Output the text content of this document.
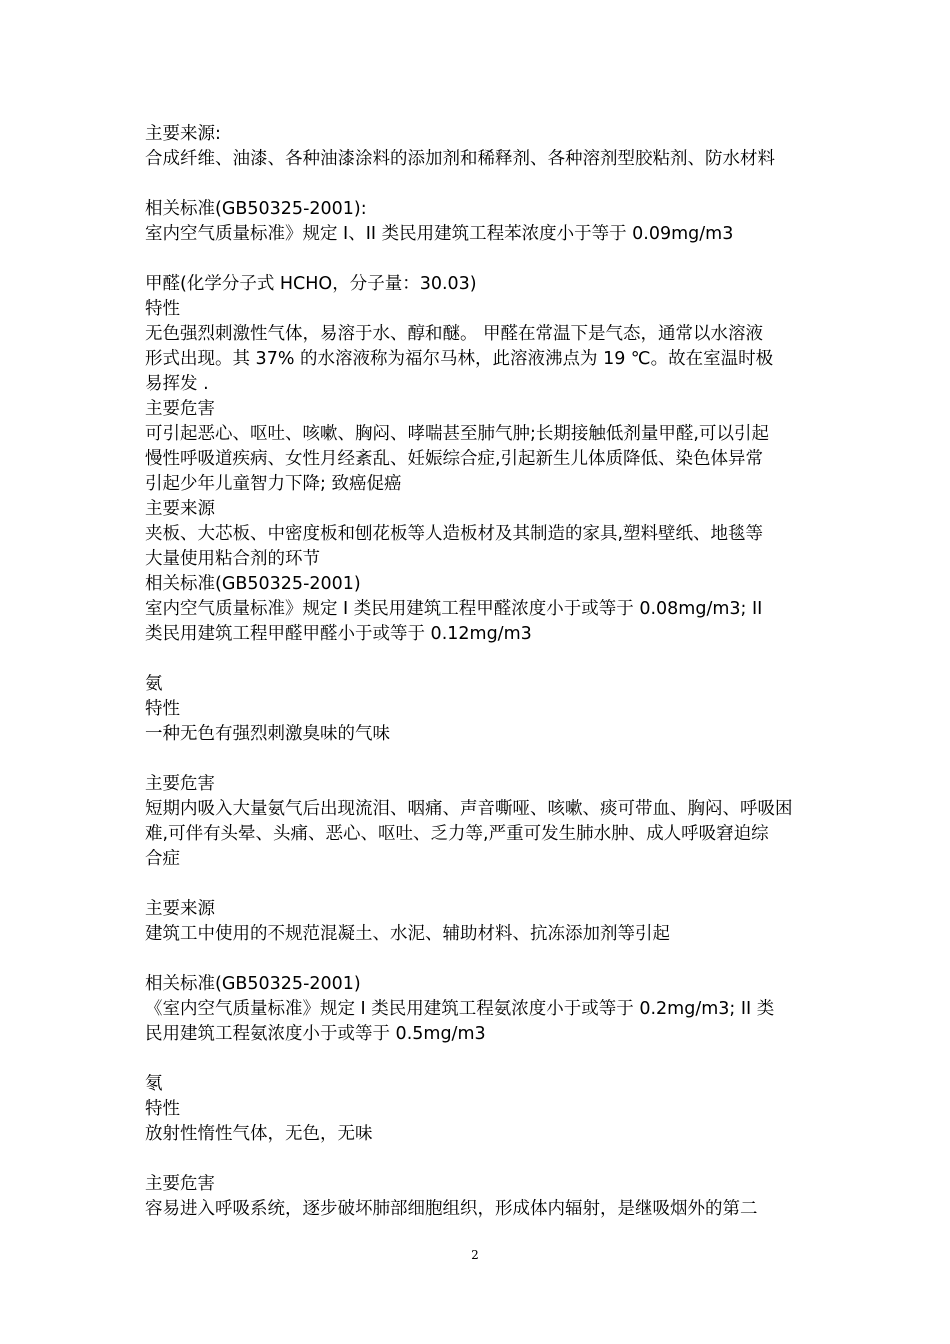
主要来源:
合成纤维、油漆、各种油漆涂料的添加剂和稀释剂、各种溶剂型胶粘剂、防水材料
相关标准(GB50325-2001):
室内空气质量标准》规定 I、II 类民用建筑工程苯浓度小于等于 0.09mg/m3
甲醛(化学分子式 HCHO，分子量：30.03)
特性
无色强烈刺激性气体，易溶于水、醇和醚。 甲醛在常温下是气态，通常以水溶液
形式出现。其 37% 的水溶液称为福尔马林，此溶液沸点为 19 ℃。故在室温时极
易挥发 .
主要危害
可引起恶心、呕吐、咳嗽、胸闷、哮喘甚至肺气肿;长期接触低剂量甲醛,可以引起
慢性呼吸道疾病、女性月经紊乱、妊娠综合症,引起新生儿体质降低、染色体异常
引起少年儿童智力下降; 致癌促癌
主要来源
夹板、大芯板、中密度板和刨花板等人造板材及其制造的家具,塑料壁纸、地毯等
大量使用粘合剂的环节
相关标准(GB50325-2001)
室内空气质量标准》规定 I 类民用建筑工程甲醛浓度小于或等于 0.08mg/m3; II
类民用建筑工程甲醛甲醛小于或等于 0.12mg/m3
氨
特性
一种无色有强烈刺激臭味的气味
主要危害
短期内吸入大量氨气后出现流泪、咽痛、声音嘶哑、咳嗽、痰可带血、胸闷、呼吸困
难,可伴有头晕、头痛、恶心、呕吐、乏力等,严重可发生肺水肿、成人呼吸窘迫综
合症
主要来源
建筑工中使用的不规范混凝土、水泥、辅助材料、抗冻添加剂等引起
相关标准(GB50325-2001)
《室内空气质量标准》规定 I 类民用建筑工程氨浓度小于或等于 0.2mg/m3; II 类
民用建筑工程氨浓度小于或等于 0.5mg/m3
氡
特性
放射性惰性气体，无色，无味
主要危害
容易进入呼吸系统，逐步破坏肺部细胞组织，形成体内辐射，是继吸烟外的第二
2
